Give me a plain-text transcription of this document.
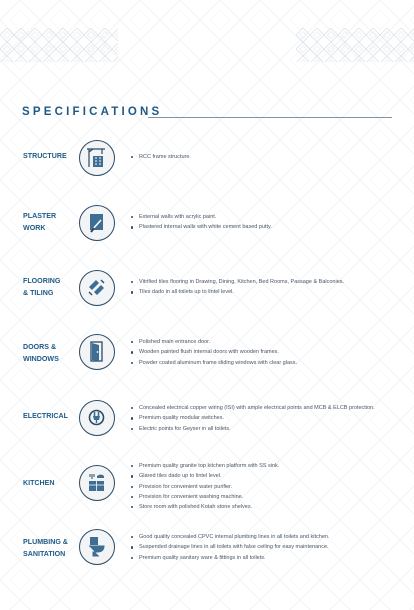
SPECIFICATIONS
STRUCTURE	RCC frame structure.
PLASTER
WORK
External walls with acrylic paint.
Plastered internal walls with white cement based putty.
FLOORING
& TILING
Vitrified tiles flooring in Drawing, Dining, Kitchen, Bed Rooms, Passage & Balconies.
Tiles dado in all toilets up to lintel level.
DOORS &
WINDOWS
Polished main entrance door.
Wooden painted flush internal doors with wooden frames.
Powder coated aluminum frame sliding windows with clear glass.
ELECTRICAL
Concealed electrical copper wiring (ISI) with ample electrical points and MCB & ELCB protection.
Premium quality modular switches.
Electric points for Geyser in all toilets.
KITCHEN
Premium quality granite top kitchen platform with SS sink.
Glared tiles dado up to lintel level.
Provision for convenient water purifier.
Provision for convenient washing machine.
Store room with polished Kotah stone shelves.
PLUMBING &
SANITATION
Good quality concealed CPVC internal plumbing lines in all toilets and kitchen.
Suspended drainage lines in all toilets with false ceiling for easy maintenance.
Premium quality sanitary ware & fittings in all toilets.
